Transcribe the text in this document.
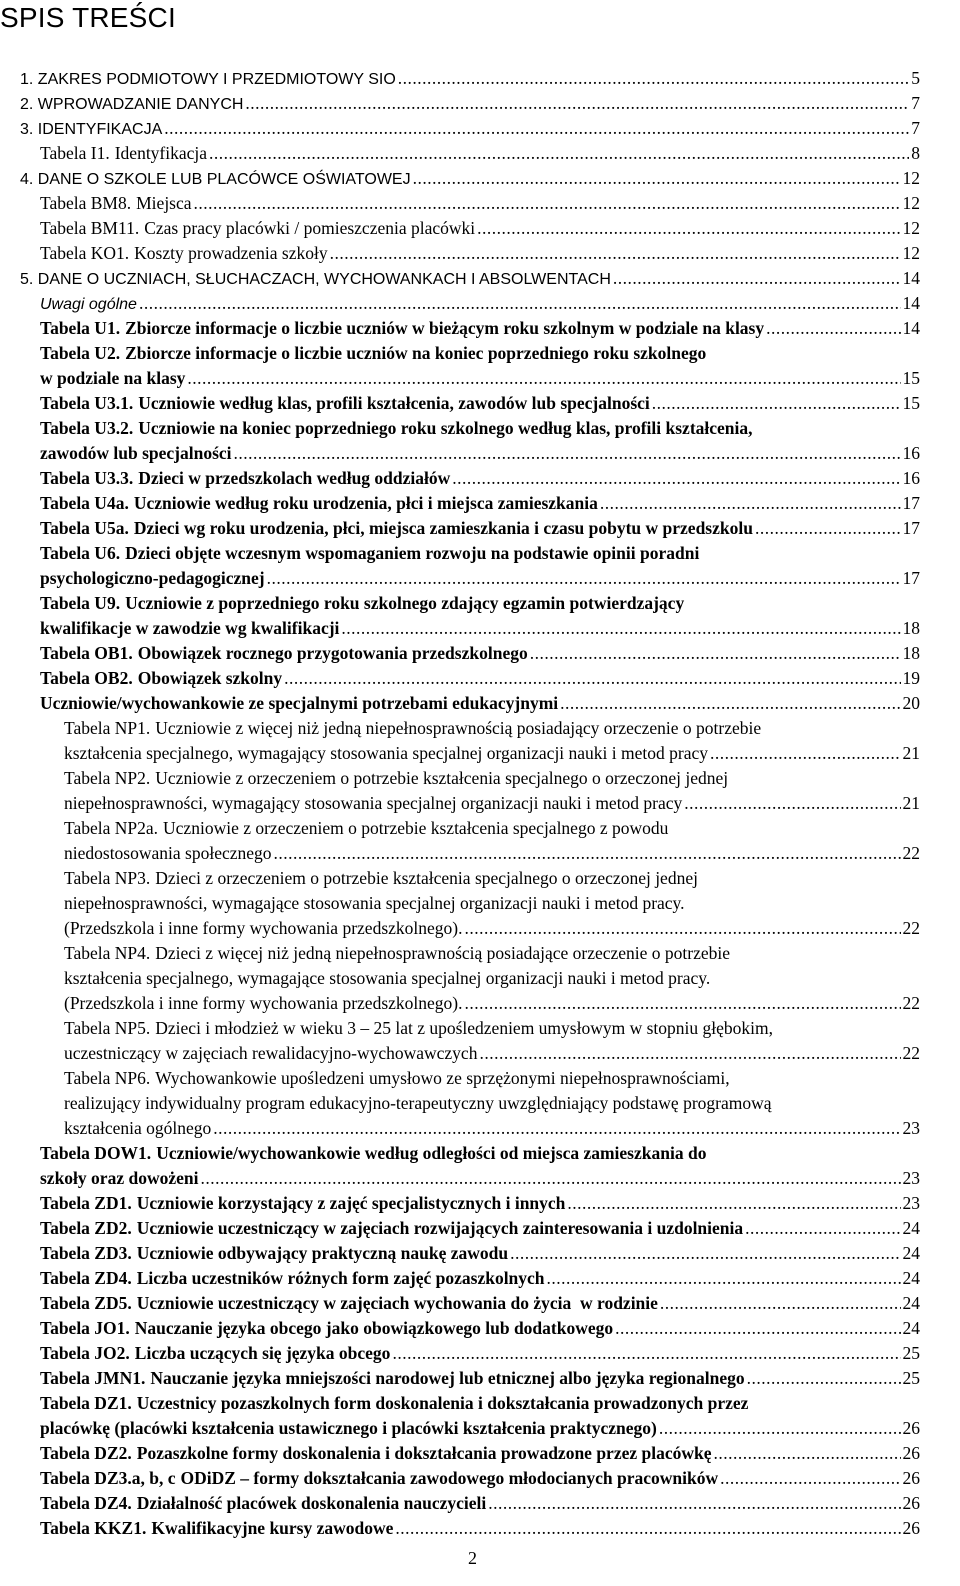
SPIS TREŚCI
1. ZAKRES PODMIOTOWY I PRZEDMIOTOWY SIO .....	5
2. WPROWADZANIE DANYCH .....	7
3. IDENTYFIKACJA .....	7
Tabela I1. Identyfikacja .....	8
4. DANE O SZKOLE LUB PLACÓWCE OŚWIATOWEJ .....	12
Tabela BM8. Miejsca .....	12
Tabela BM11. Czas pracy placówki / pomieszczenia placówki .....	12
Tabela KO1. Koszty prowadzenia szkoły .....	12
5. DANE O UCZNIACH, SŁUCHACZACH, WYCHOWANKACH I ABSOLWENTACH .....	14
Uwagi ogólne .....	14
Tabela U1. Zbiorcze informacje o liczbie uczniów w bieżącym roku szkolnym w podziale na klasy .....	14
Tabela U2. Zbiorcze informacje o liczbie uczniów na koniec poprzedniego roku szkolnego
w podziale na klasy .....	15
Tabela U3.1. Uczniowie według klas, profili kształcenia, zawodów lub specjalności .....	15
Tabela U3.2. Uczniowie na koniec poprzedniego roku szkolnego według klas, profili kształcenia,
zawodów lub specjalności .....	16
Tabela U3.3. Dzieci w przedszkolach według oddziałów .....	16
Tabela U4a. Uczniowie według roku urodzenia, płci i miejsca zamieszkania .....	17
Tabela U5a. Dzieci wg roku urodzenia, płci, miejsca zamieszkania i czasu pobytu w przedszkolu .....	17
Tabela U6. Dzieci objęte wczesnym wspomaganiem rozwoju na podstawie opinii poradni
psychologiczno-pedagogicznej .....	17
Tabela U9. Uczniowie z poprzedniego roku szkolnego zdający egzamin potwierdzający
kwalifikacje w zawodzie wg kwalifikacji .....	18
Tabela OB1. Obowiązek rocznego przygotowania przedszkolnego .....	18
Tabela OB2. Obowiązek szkolny .....	19
Uczniowie/wychowankowie ze specjalnymi potrzebami edukacyjnymi .....	20
Tabela NP1. Uczniowie z więcej niż jedną niepełnosprawnością posiadający orzeczenie o potrzebie
kształcenia specjalnego, wymagający stosowania specjalnej organizacji nauki i metod pracy .....	21
Tabela NP2. Uczniowie z orzeczeniem o potrzebie kształcenia specjalnego o orzeczonej jednej
niepełnosprawności, wymagający stosowania specjalnej organizacji nauki i metod pracy .....	21
Tabela NP2a. Uczniowie z orzeczeniem o potrzebie kształcenia specjalnego z powodu
niedostosowania społecznego .....	22
Tabela NP3. Dzieci z orzeczeniem o potrzebie kształcenia specjalnego o orzeczonej jednej
niepełnosprawności, wymagające stosowania specjalnej organizacji nauki i metod pracy.
(Przedszkola i inne formy wychowania przedszkolnego). .....	22
Tabela NP4. Dzieci z więcej niż jedną niepełnosprawnością posiadające orzeczenie o potrzebie
kształcenia specjalnego, wymagające stosowania specjalnej organizacji nauki i metod pracy.
(Przedszkola i inne formy wychowania przedszkolnego). .....	22
Tabela NP5. Dzieci i młodzież w wieku 3 – 25 lat z upośledzeniem umysłowym w stopniu głębokim,
uczestniczący w zajęciach rewalidacyjno-wychowawczych .....	22
Tabela NP6. Wychowankowie upośledzeni umysłowo ze sprzężonymi niepełnosprawnościami,
realizujący indywidualny program edukacyjno-terapeutyczny uwzględniający podstawę programową
kształcenia ogólnego .....	23
Tabela DOW1. Uczniowie/wychowankowie według odległości od miejsca zamieszkania do
szkoły oraz dowożeni .....	23
Tabela ZD1. Uczniowie korzystający z zajęć specjalistycznych i innych .....	23
Tabela ZD2. Uczniowie uczestniczący w zajęciach rozwijających zainteresowania i uzdolnienia .....	24
Tabela ZD3. Uczniowie odbywający praktyczną naukę zawodu .....	24
Tabela ZD4. Liczba uczestników różnych form zajęć pozaszkolnych .....	24
Tabela ZD5. Uczniowie uczestniczący w zajęciach wychowania do życia  w rodzinie .....	24
Tabela JO1. Nauczanie języka obcego jako obowiązkowego lub dodatkowego .....	24
Tabela JO2. Liczba uczących się języka obcego .....	25
Tabela JMN1. Nauczanie języka mniejszości narodowej lub etnicznej albo języka regionalnego .....	25
Tabela DZ1. Uczestnicy pozaszkolnych form doskonalenia i dokształcania prowadzonych przez
placówkę (placówki kształcenia ustawicznego i placówki kształcenia praktycznego) .....	26
Tabela DZ2. Pozaszkolne formy doskonalenia i dokształcania prowadzone przez placówkę .....	26
Tabela DZ3.a, b, c ODiDZ – formy dokształcania zawodowego młodocianych pracowników .....	26
Tabela DZ4. Działalność placówek doskonalenia nauczycieli .....	26
Tabela KKZ1. Kwalifikacyjne kursy zawodowe .....	26
2
